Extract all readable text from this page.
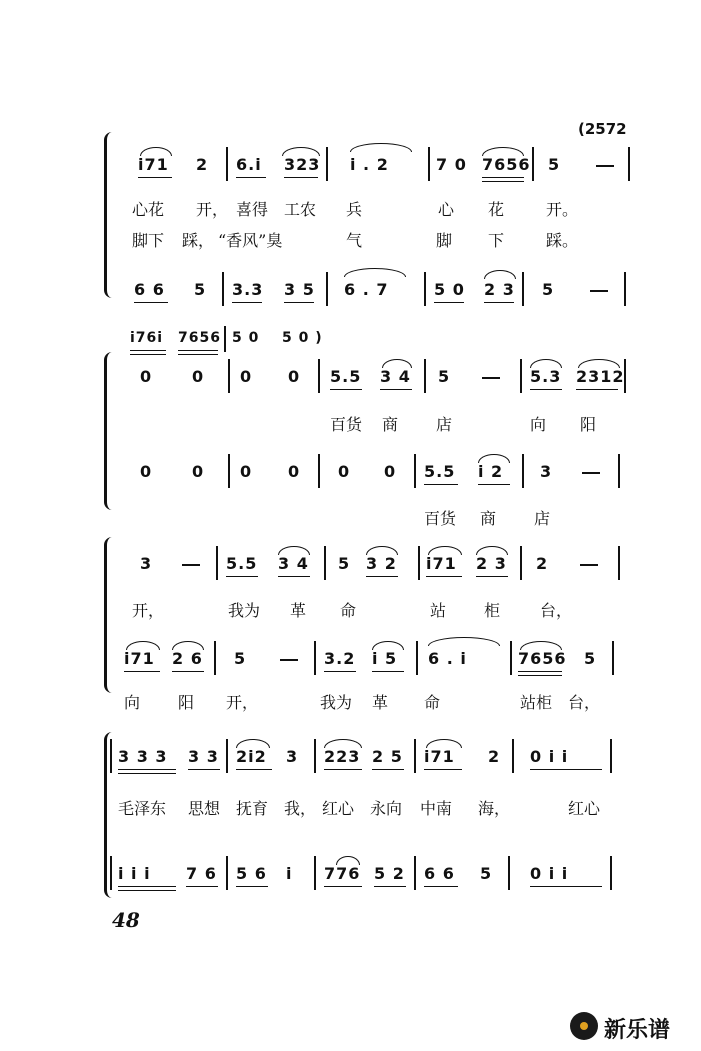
(2572
i71 2 6.i 323 i . 2	7 0 7656 5
心花 开， 喜得 工农 兵	心 花	开。
脚下 踩， “香风”臭	气	脚 下	踩。
6 6 5 3.3 3 5 6 . 7	5 0 2 3 5
i76i 7656 5 0 5 0 )
0 0 0 0 5.5 3 4 5	5.3 2312
百货 商 店	向 阳
0 0 0 0 0 0 5.5 i 2 3
百货 商 店
3	5.5 3 4 5 3 2 i71 2 3 2
开，	我为 革 命	站 柜 台，
i71 2 6 5	3.2 i 5 6 . i	7656 5
向 阳 开，	我为 革 命	站柜 台，
3 3 3 3 3 2i2 3 223 2 5 i71 2 0 i i
毛泽东 思想 抚育 我， 红心 永向 中南 海，	红心
i i i 7 6 5 6 i 776 5 2 6 6 5 0 i i
48
新乐谱
